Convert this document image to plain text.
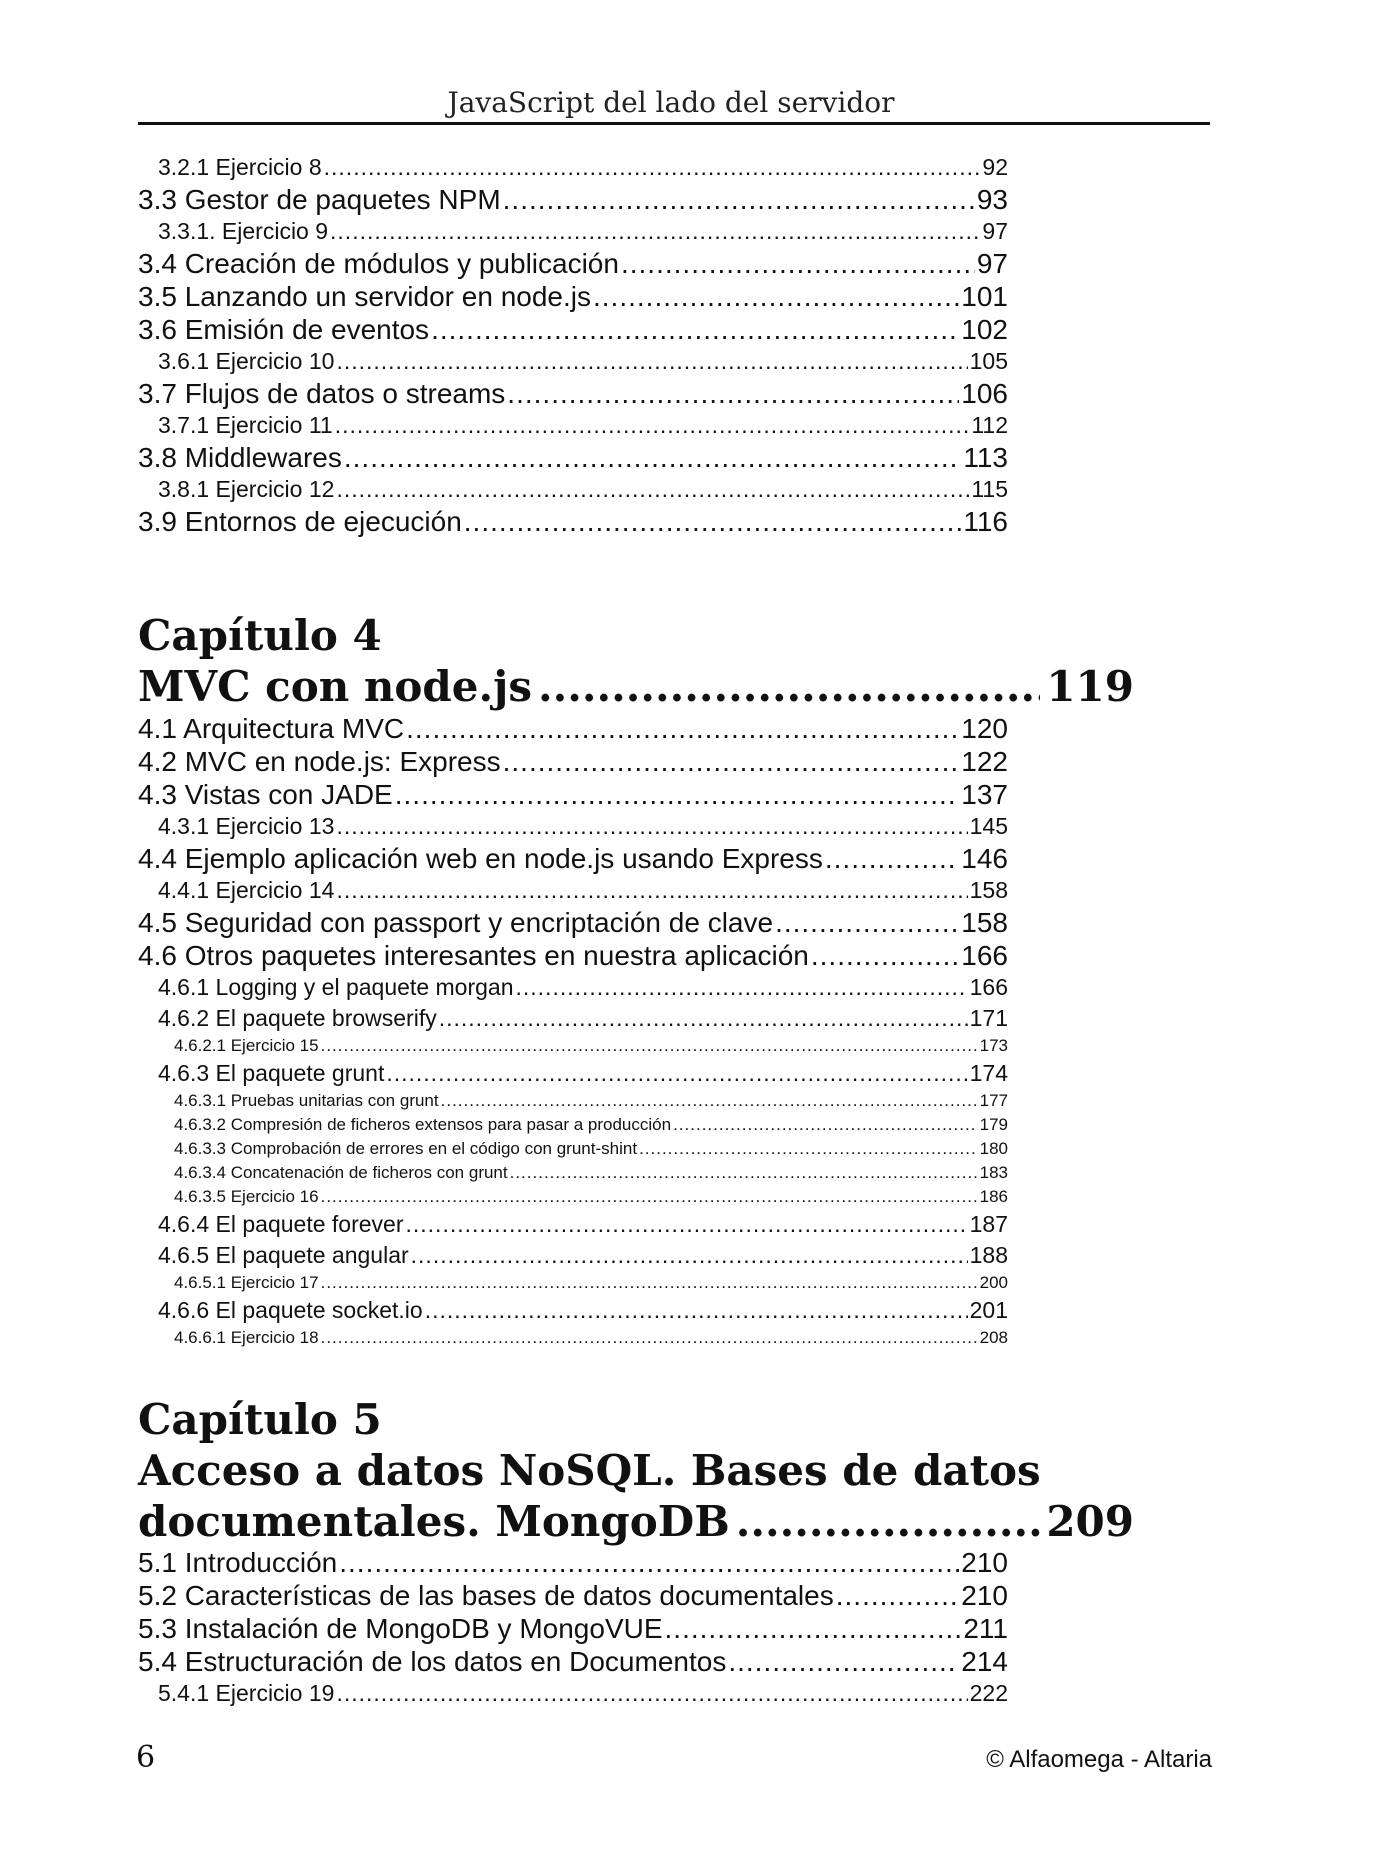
JavaScript del lado del servidor
3.2.1 Ejercicio 8 .....	92
3.3 Gestor de paquetes NPM .....	93
3.3.1. Ejercicio 9 .....	97
3.4 Creación de módulos y publicación .....	97
3.5 Lanzando un servidor en node.js .....	101
3.6 Emisión de eventos .....	102
3.6.1 Ejercicio 10 .....	105
3.7 Flujos de datos o streams .....	106
3.7.1 Ejercicio 11 .....	112
3.8 Middlewares .....	113
3.8.1 Ejercicio 12 .....	115
3.9 Entornos de ejecución .....	116
Capítulo 4
MVC con node.js .....	119
4.1 Arquitectura MVC .....	120
4.2 MVC en node.js: Express .....	122
4.3 Vistas con JADE .....	137
4.3.1 Ejercicio 13 .....	145
4.4 Ejemplo aplicación web en node.js usando Express .....	146
4.4.1 Ejercicio 14 .....	158
4.5 Seguridad con passport y encriptación de clave .....	158
4.6 Otros paquetes interesantes en nuestra aplicación .....	166
4.6.1 Logging y el paquete morgan .....	166
4.6.2 El paquete browserify .....	171
4.6.2.1 Ejercicio 15 .....	173
4.6.3 El paquete grunt .....	174
4.6.3.1 Pruebas unitarias con grunt .....	177
4.6.3.2 Compresión de ficheros extensos para pasar a producción .....	179
4.6.3.3 Comprobación de errores en el código con grunt-shint .....	180
4.6.3.4 Concatenación de ficheros con grunt .....	183
4.6.3.5 Ejercicio 16 .....	186
4.6.4 El paquete forever .....	187
4.6.5 El paquete angular .....	188
4.6.5.1 Ejercicio 17 .....	200
4.6.6 El paquete socket.io .....	201
4.6.6.1 Ejercicio 18 .....	208
Capítulo 5
Acceso a datos NoSQL. Bases de datos
documentales. MongoDB .....	209
5.1 Introducción .....	210
5.2 Características de las bases de datos documentales .....	210
5.3 Instalación de MongoDB y MongoVUE .....	211
5.4 Estructuración de los datos en Documentos .....	214
5.4.1 Ejercicio 19 .....	222
6	© Alfaomega - Altaria
